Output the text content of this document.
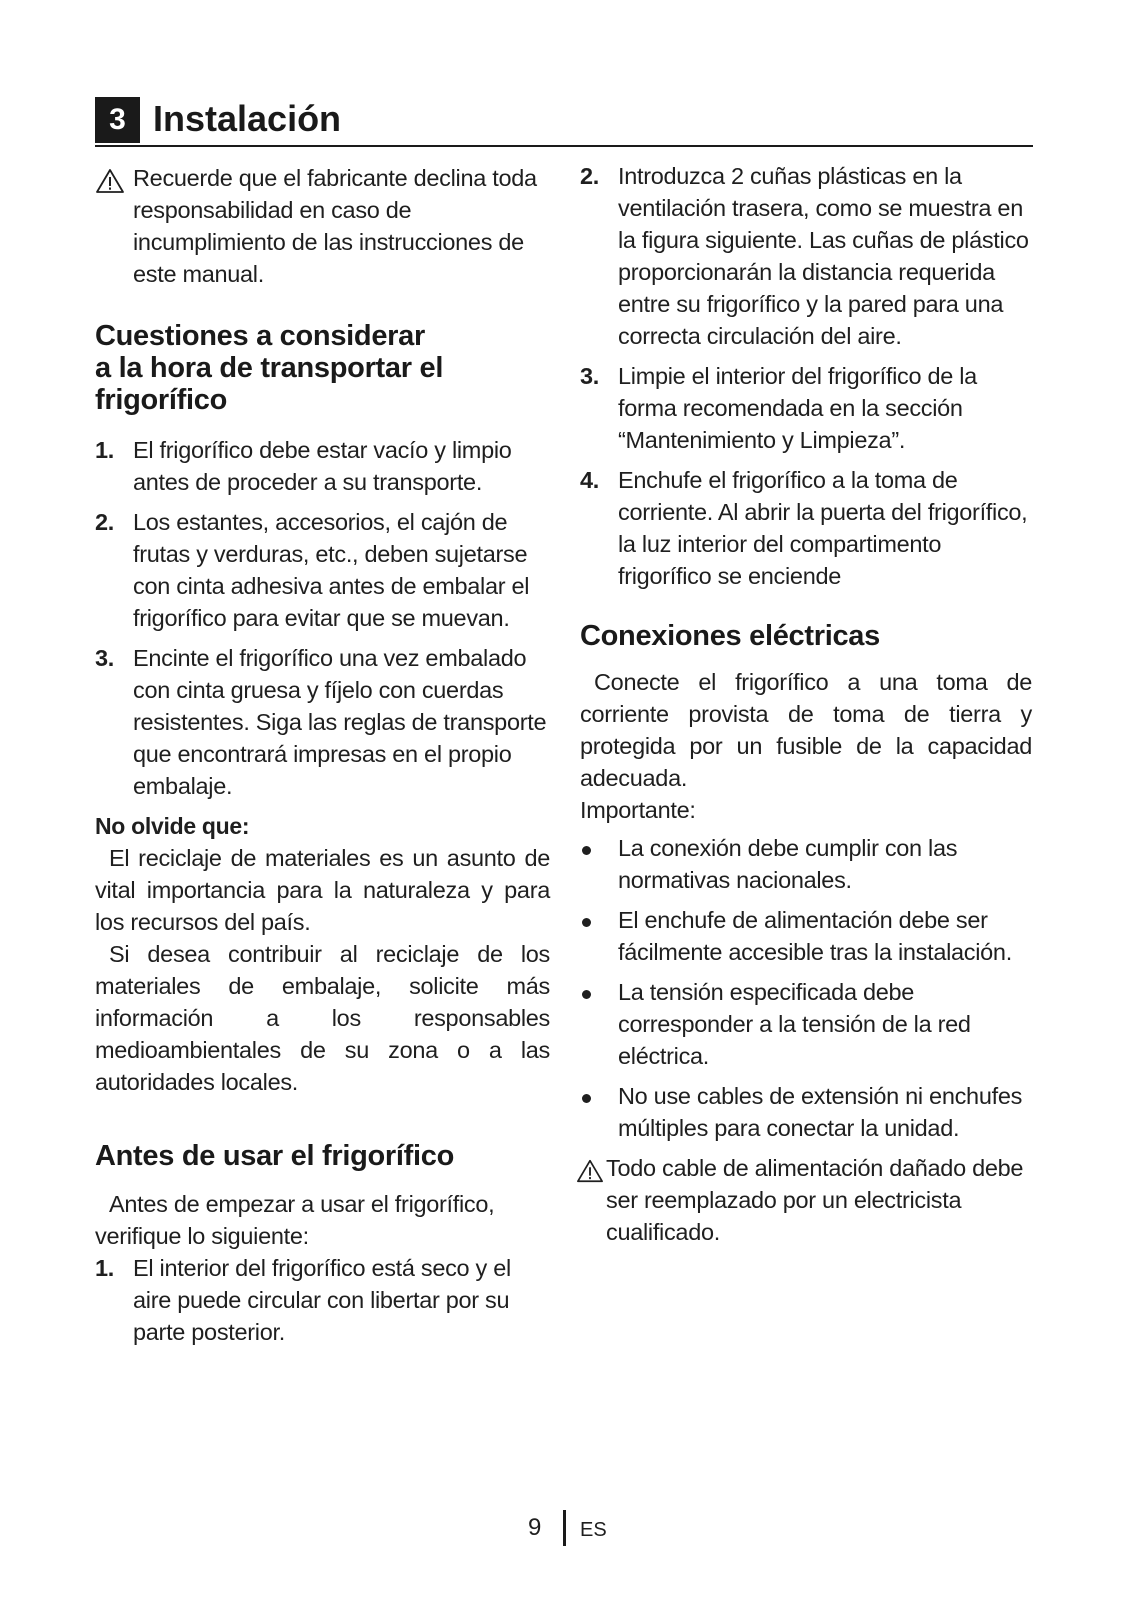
3 Instalación
Recuerde que el fabricante declina toda responsabilidad en caso de incumplimiento de las instrucciones de este manual.
Cuestiones a considerar
a la hora de transportar el
frigorífico
1. El frigorífico debe estar vacío y limpio antes de proceder a su transporte.
2. Los estantes, accesorios, el cajón de frutas y verduras, etc., deben sujetarse con cinta adhesiva antes de embalar el frigorífico para evitar que se muevan.
3. Encinte el frigorífico una vez embalado con cinta gruesa y fíjelo con cuerdas resistentes. Siga las reglas de transporte que encontrará impresas en el propio embalaje.
No olvide que:

El reciclaje de materiales es un asunto de vital importancia para la naturaleza y para los recursos del país.

Si desea contribuir al reciclaje de los materiales de embalaje, solicite más información a los responsables medioambientales de su zona o a las autoridades locales.

Antes de usar el frigorífico

Antes de empezar a usar el frigorífico, verifique lo siguiente:

1. El interior del frigorífico está seco y el aire puede circular con libertar por su parte posterior.
2. Introduzca 2 cuñas plásticas en la ventilación trasera, como se muestra en la figura siguiente. Las cuñas de plástico proporcionarán la distancia requerida entre su frigorífico y la pared para una correcta circulación del aire.
3. Limpie el interior del frigorífico de la forma recomendada en la sección “Mantenimiento y Limpieza”.
4. Enchufe el frigorífico a la toma de corriente. Al abrir la puerta del frigorífico, la luz interior del compartimento frigorífico se enciende
Conexiones eléctricas

Conecte el frigorífico a una toma de corriente provista de toma de tierra y protegida por un fusible de la capacidad adecuada.

Importante:

La conexión debe cumplir con las normativas nacionales.
El enchufe de alimentación debe ser fácilmente accesible tras la instalación.
La tensión especificada debe corresponder a la tensión de la red eléctrica.
No use cables de extensión ni enchufes múltiples para conectar la unidad.
Todo cable de alimentación dañado debe ser reemplazado por un electricista cualificado.
9 ES
